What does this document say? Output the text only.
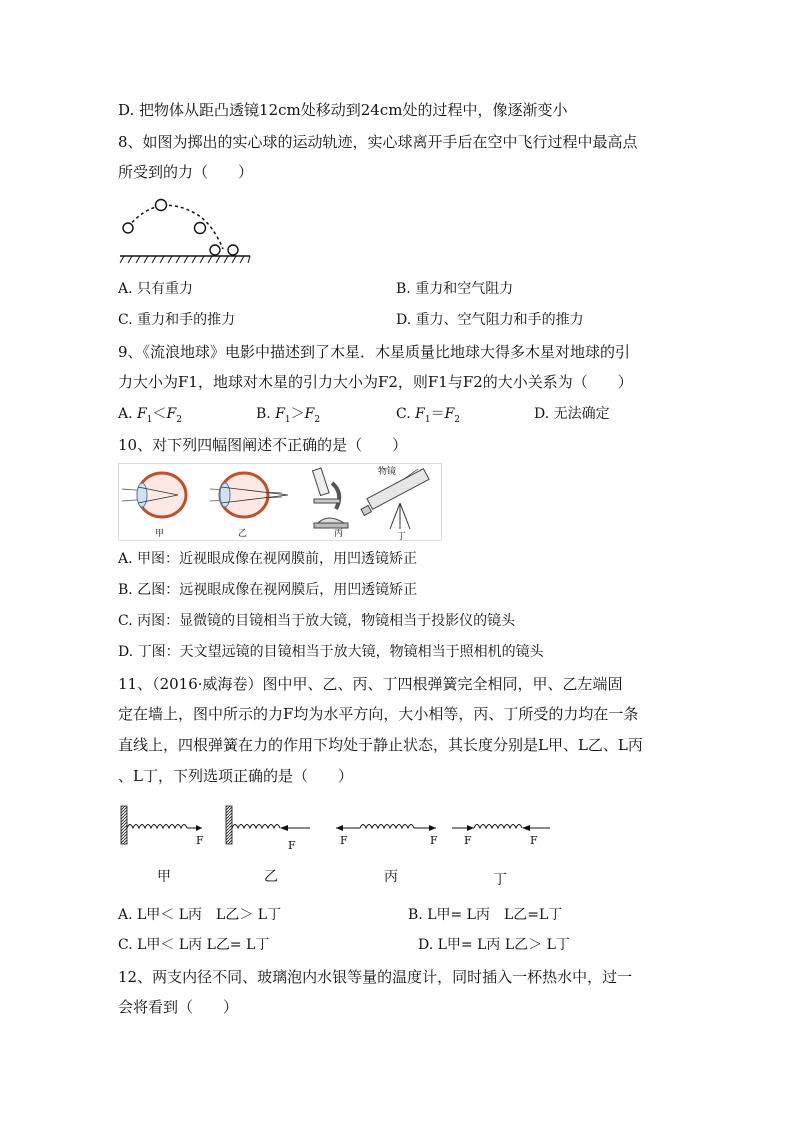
D. 把物体从距凸透镜12cm处移动到24cm处的过程中，像逐渐变小
8、如图为掷出的实心球的运动轨迹，实心球离开手后在空中飞行过程中最高点
所受到的力（　　）
A. 只有重力	B. 重力和空气阻力
C. 重力和手的推力	D. 重力、空气阻力和手的推力
9、《流浪地球》电影中描述到了木星．木星质量比地球大得多木星对地球的引
力大小为F1，地球对木星的引力大小为F2，则F1与F2的大小关系为（　　）
A. $F_1<F_2$	B. $F_1>F_2$	C. $F_1=F_2$	D. 无法确定
10、对下列四幅图阐述不正确的是（　　）
甲	乙	丙
物镜
丁
A. 甲图：近视眼成像在视网膜前，用凹透镜矫正
B. 乙图：远视眼成像在视网膜后，用凹透镜矫正
C. 丙图：显微镜的目镜相当于放大镜，物镜相当于投影仪的镜头
D. 丁图：天文望远镜的目镜相当于放大镜，物镜相当于照相机的镜头
11、（2016·威海卷）图中甲、乙、丙、丁四根弹簧完全相同，甲、乙左端固
定在墙上，图中所示的力F均为水平方向，大小相等，丙、丁所受的力均在一条
直线上，四根弹簧在力的作用下均处于静止状态，其长度分别是L甲、L乙、L丙
、L丁，下列选项正确的是（　　）
F	F	F	F F	F
甲	乙	丙	丁
A. L甲＜ L丙　L乙＞ L丁	B. L甲= L丙　L乙=L丁
C. L甲＜ L丙 L乙= L丁	D. L甲= L丙 L乙＞ L丁
12、两支内径不同、玻璃泡内水银等量的温度计，同时插入一杯热水中，过一
会将看到（　　）
